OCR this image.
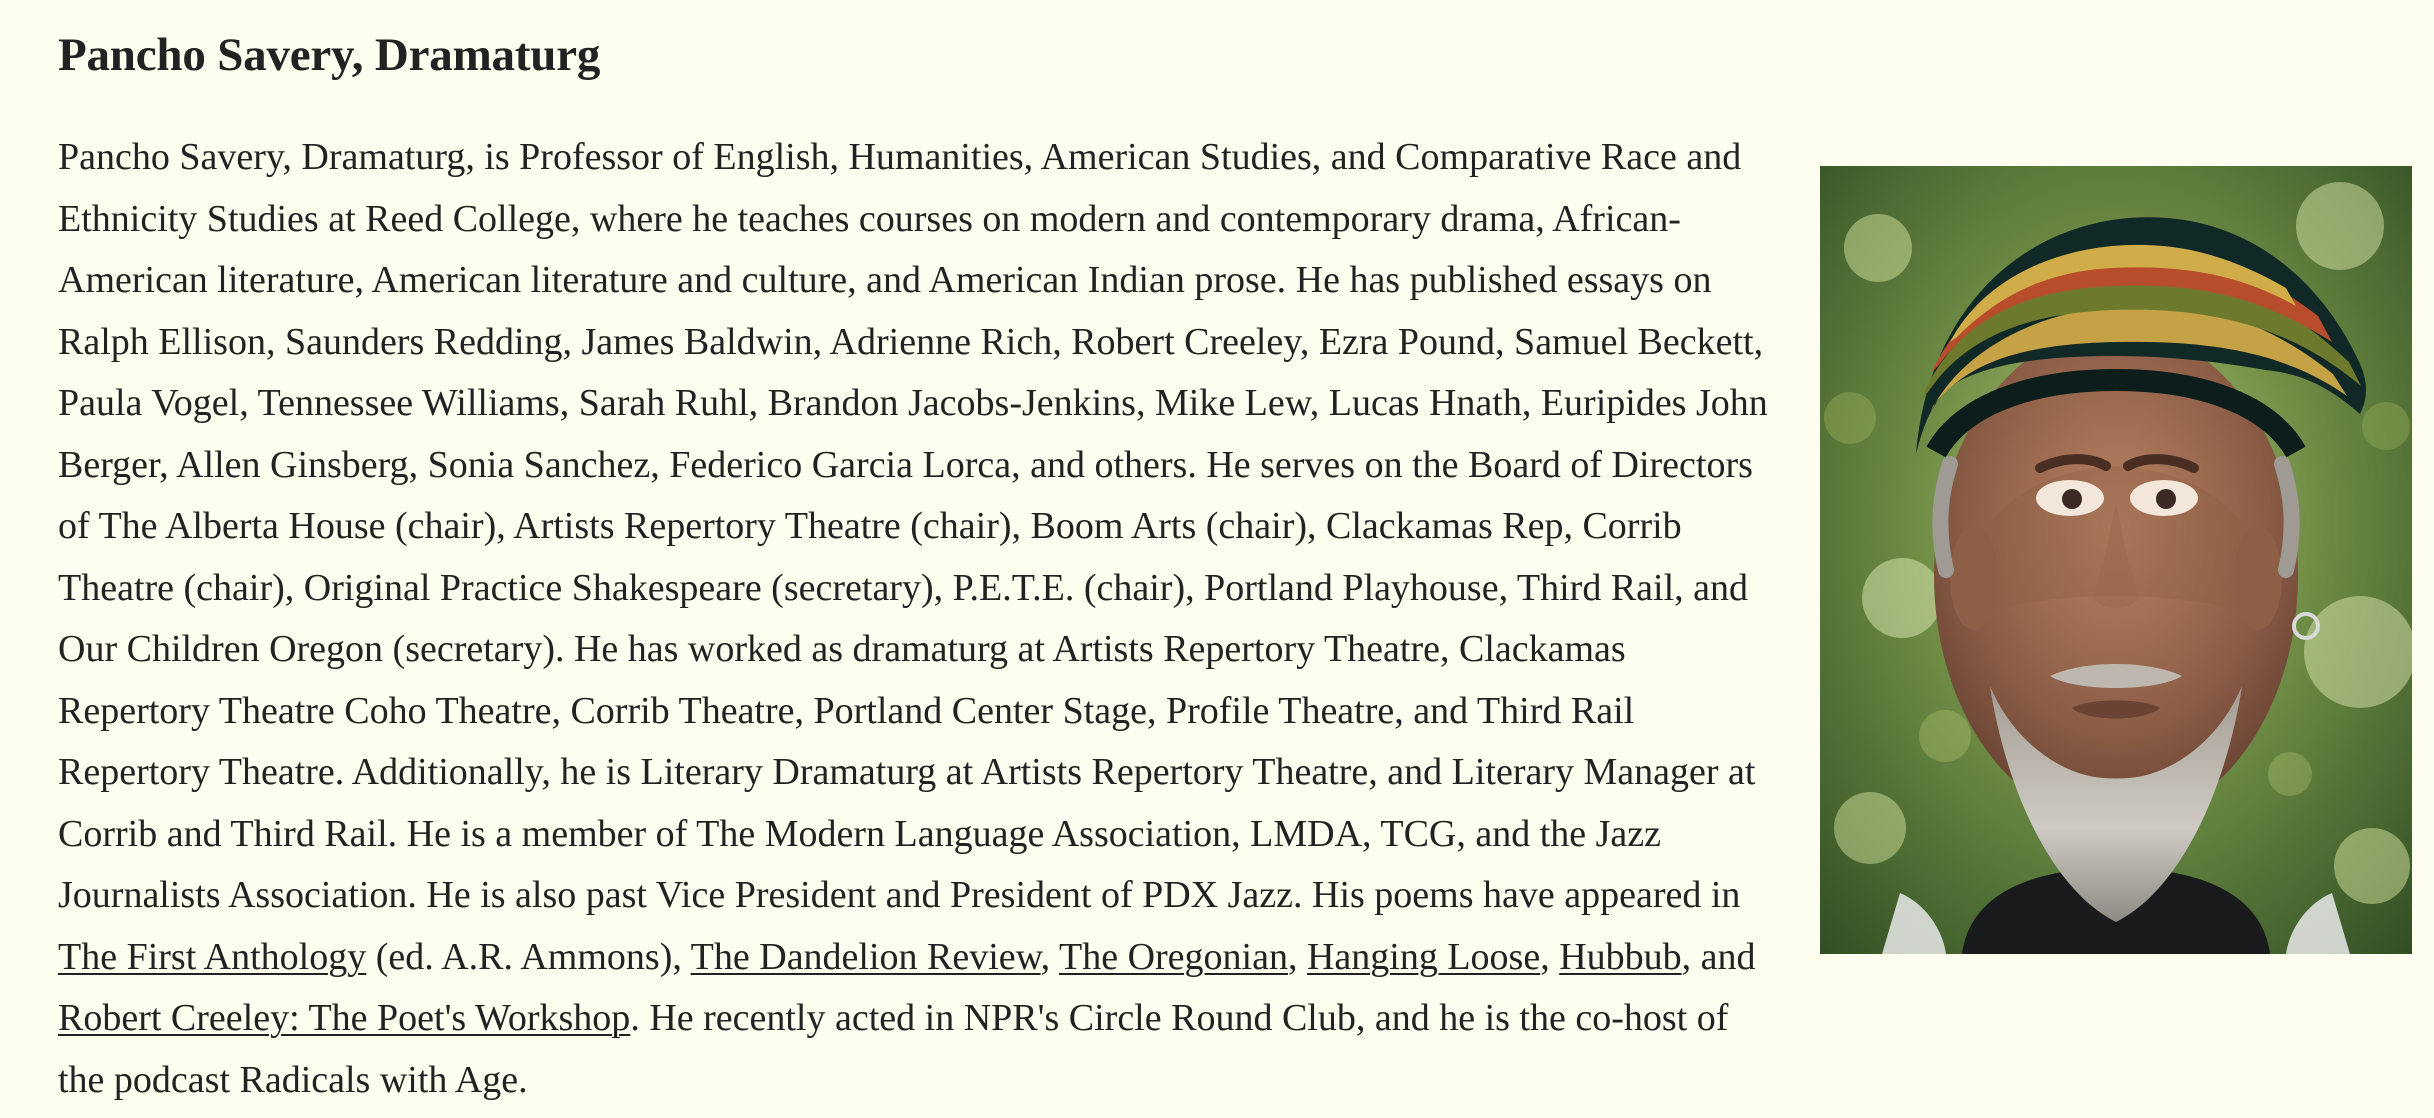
Pancho Savery, Dramaturg

Pancho Savery, Dramaturg, is Professor of English, Humanities, American Studies, and Comparative Race and Ethnicity Studies at Reed College, where he teaches courses on modern and contemporary drama, African-American literature, American literature and culture, and American Indian prose. He has published essays on Ralph Ellison, Saunders Redding, James Baldwin, Adrienne Rich, Robert Creeley, Ezra Pound, Samuel Beckett, Paula Vogel, Tennessee Williams, Sarah Ruhl, Brandon Jacobs-Jenkins, Mike Lew, Lucas Hnath, Euripides John Berger, Allen Ginsberg, Sonia Sanchez, Federico Garcia Lorca, and others. He serves on the Board of Directors of The Alberta House (chair), Artists Repertory Theatre (chair), Boom Arts (chair), Clackamas Rep, Corrib Theatre (chair), Original Practice Shakespeare (secretary), P.E.T.E. (chair), Portland Playhouse, Third Rail, and Our Children Oregon (secretary). He has worked as dramaturg at Artists Repertory Theatre, Clackamas Repertory Theatre Coho Theatre, Corrib Theatre, Portland Center Stage, Profile Theatre, and Third Rail Repertory Theatre. Additionally, he is Literary Dramaturg at Artists Repertory Theatre, and Literary Manager at Corrib and Third Rail. He is a member of The Modern Language Association, LMDA, TCG, and the Jazz Journalists Association. He is also past Vice President and President of PDX Jazz. His poems have appeared in The First Anthology (ed. A.R. Ammons), The Dandelion Review, The Oregonian, Hanging Loose, Hubbub, and Robert Creeley: The Poet's Workshop. He recently acted in NPR's Circle Round Club, and he is the co-host of the podcast Radicals with Age.
